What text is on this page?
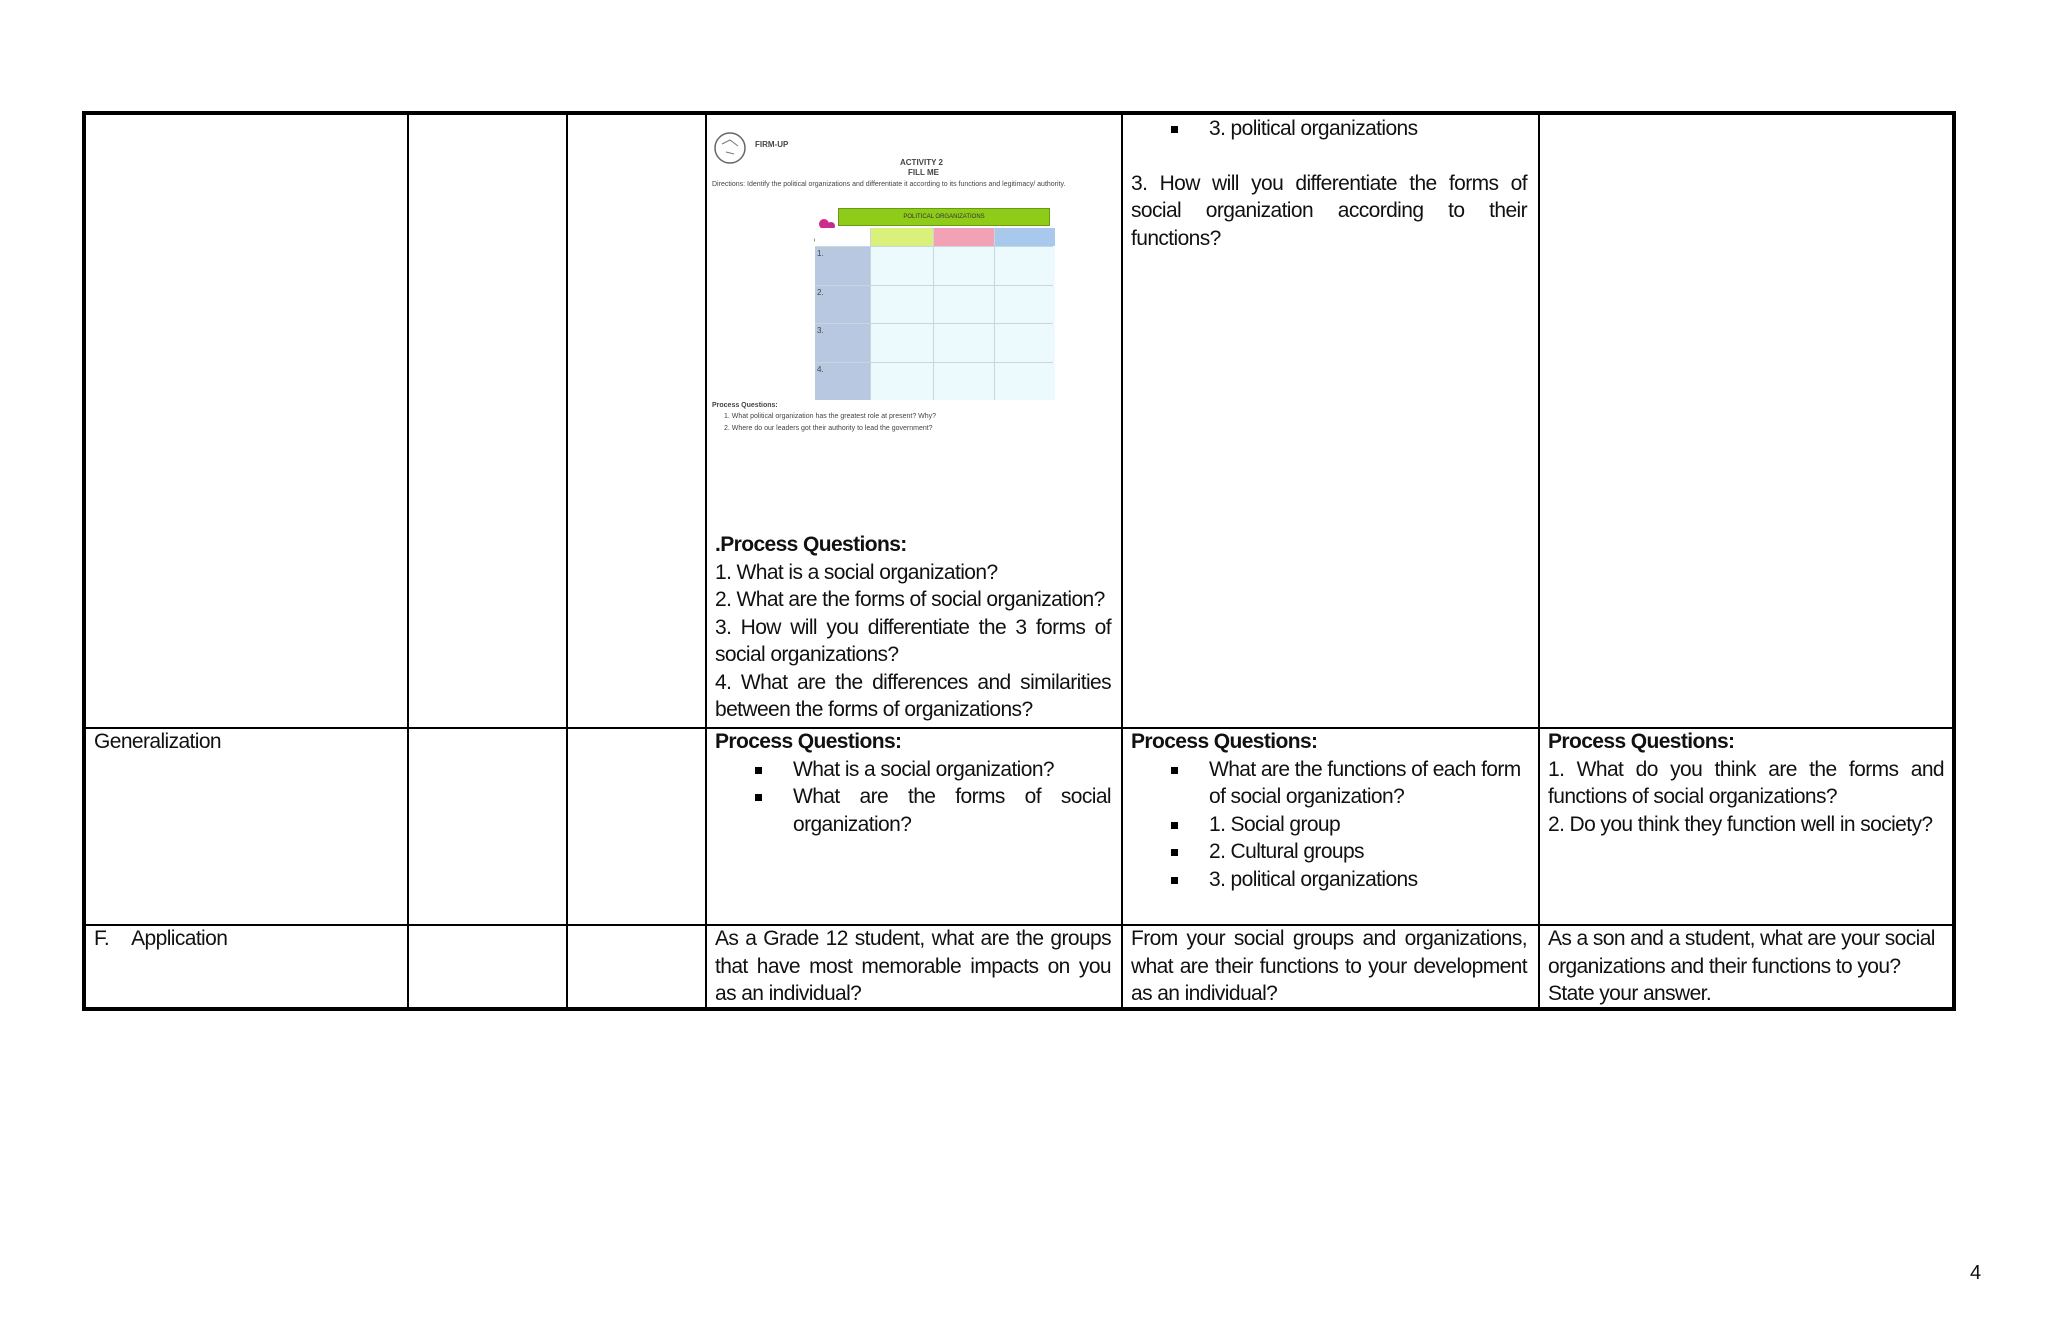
FIRM-UP
ACTIVITY 2
FILL ME
Directions: Identify the political organizations and differentiate it according to its functions and legitimacy/ authority.
POLITICAL ORGANIZATIONS
1.
2.
3.
4.
Process Questions:
1. What political organization has the greatest role at present? Why?
2. Where do our leaders got their authority to lead the government?
.Process Questions:
1. What is a social organization?
2. What are the forms of social organization?
3. How will you differentiate the 3 forms of social organizations?
4. What are the differences and similarities between the forms of organizations?
3. political organizations
3. How will you differentiate the forms of social organization according to their functions?
Generalization	Process Questions:
What is a social organization?
What are the forms of social organization?
Process Questions:
What are the functions of each form of social organization?
1. Social group
2. Cultural groups
3. political organizations
Process Questions:
1. What do you think are the forms and functions of social organizations?
2. Do you think they function well in society?
F. Application	As a Grade 12 student, what are the groups that have most memorable impacts on you as an individual?
From your social groups and organizations, what are their functions to your development as an individual?
As a son and a student, what are your social organizations and their functions to you? State your answer.
4
